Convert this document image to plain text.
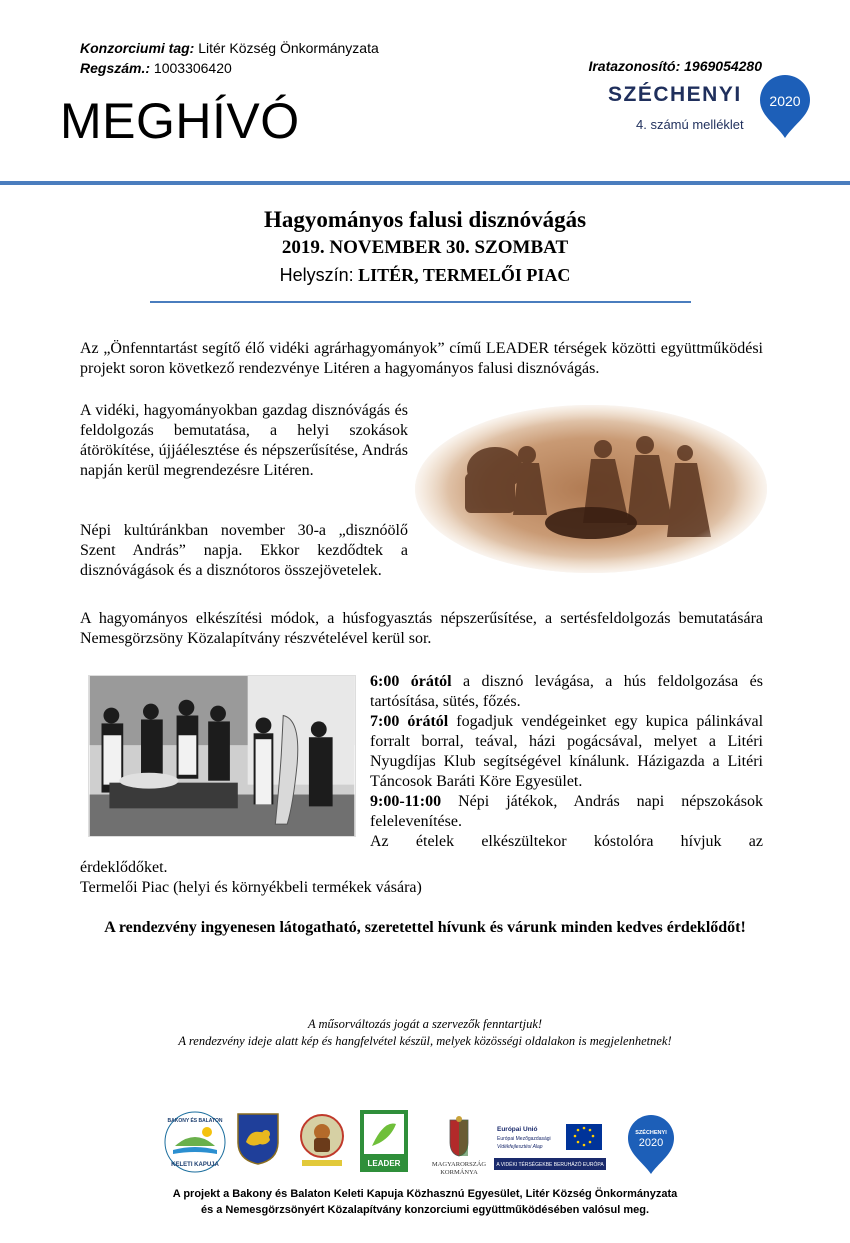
Konzorciumi tag: Litér Község Önkormányzata
Regszám.: 1003306420
MEGHÍVÓ
Iratazonosító: 1969054280
SZÉCHENYI
4. számú melléklet
2020
Hagyományos falusi disznóvágás
2019. NOVEMBER 30. SZOMBAT
Helyszín: LITÉR, TERMELŐI PIAC
Az „Önfenntartást segítő élő vidéki agrárhagyományok” című LEADER térségek közötti együttműködési projekt soron következő rendezvénye Litéren a hagyományos falusi disznóvágás.
A vidéki, hagyományokban gazdag disznóvágás és feldolgozás bemutatása, a helyi szokások átörökítése, újjáélesztése és népszerűsítése, András napján kerül megrendezésre Litéren.
Népi kultúránkban november 30-a „disznóölő Szent András” napja. Ekkor kezdődtek a disznóvágások és a disznótoros összejövetelek.
A hagyományos elkészítési módok, a húsfogyasztás népszerűsítése, a sertésfeldolgozás bemutatására Nemesgörzsöny Közalapítvány részvételével kerül sor.
6:00 órától a disznó levágása, a hús feldolgozása és tartósítása, sütés, főzés.
7:00 órától fogadjuk vendégeinket egy kupica pálinkával forralt borral, teával, házi pogácsával, melyet a Litéri Nyugdíjas Klub segítségével kínálunk. Házigazda a Litéri Táncosok Baráti Köre Egyesület.
9:00-11:00 Népi játékok, András napi népszokások felelevenítése.
Az ételek elkészültekor kóstolóra hívjuk az
érdeklődőket.
Termelői Piac (helyi és környékbeli termékek vására)
A rendezvény ingyenesen látogatható, szeretettel hívunk és várunk minden kedves érdeklődőt!
A műsorváltozás jogát a szervezők fenntartjuk!
A rendezvény ideje alatt kép és hangfelvétel készül, melyek közösségi oldalakon is megjelenhetnek!
BAKONY ÉS BALATON
KELETI KAPUJA	LEADER	MAGYARORSZÁG
KORMÁNYA
Európai Unió
Európai Mezőgazdasági
Vidékfejlesztési Alap
A VIDÉKI TÉRSÉGEKBE BERUHÁZÓ EURÓPA
SZÉCHENYI
2020
A projekt a Bakony és Balaton Keleti Kapuja Közhasznú Egyesület, Litér Község Önkormányzata
és a Nemesgörzsönyért Közalapítvány konzorciumi együttműködésében valósul meg.
